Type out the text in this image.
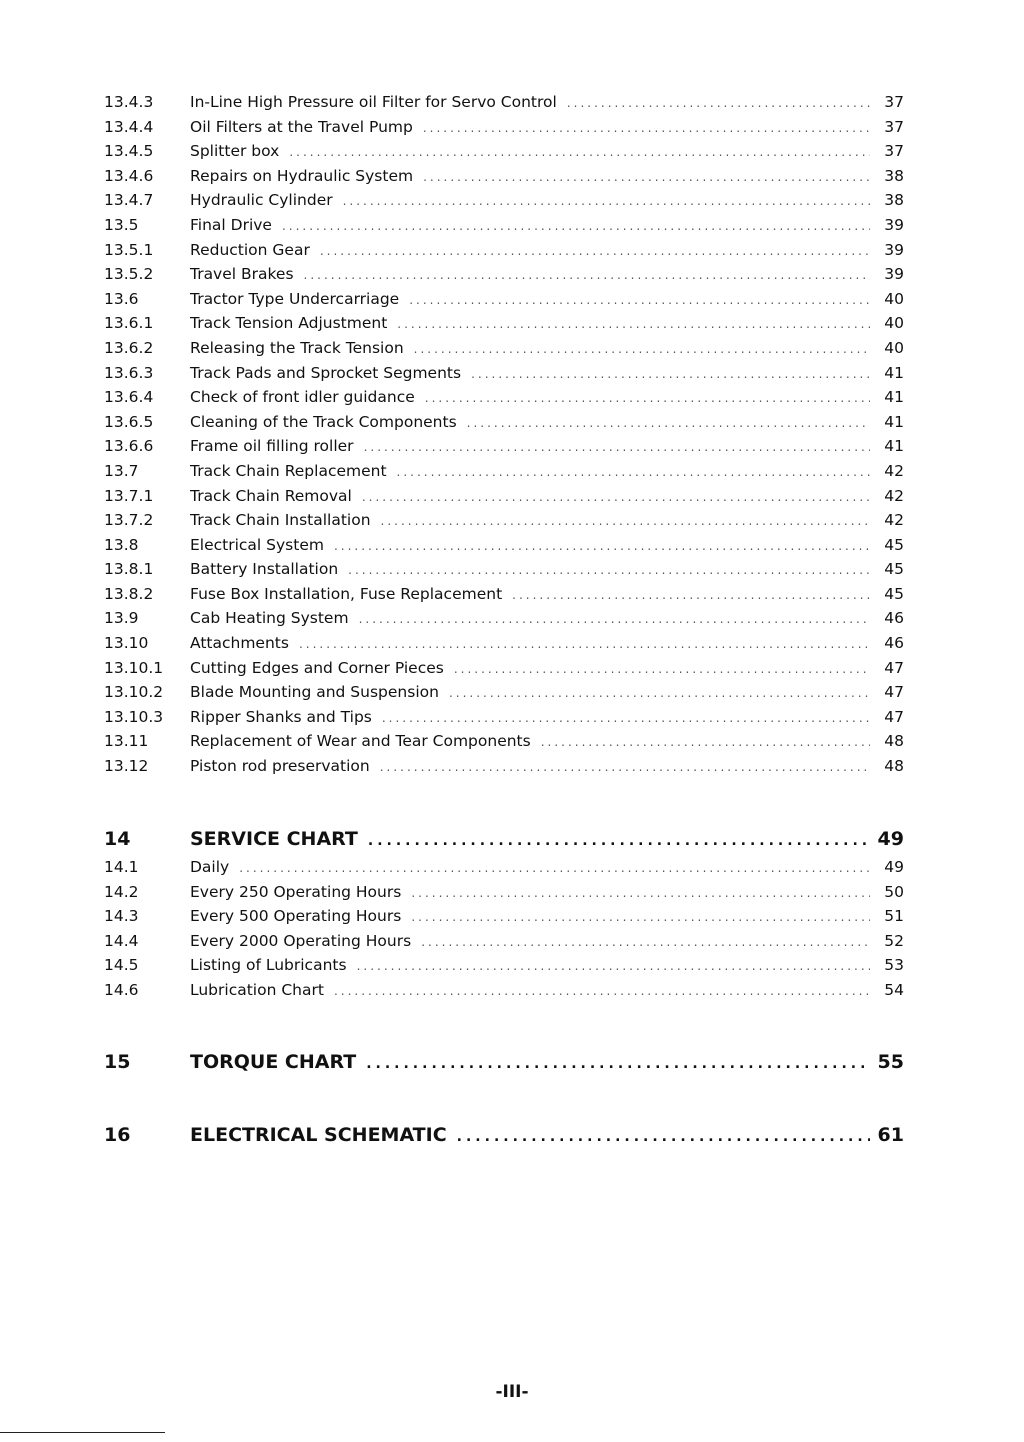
13.4.3	In-Line High Pressure oil Filter for Servo Control .....	37
13.4.4	Oil Filters at the Travel Pump .....	37
13.4.5	Splitter box .....	37
13.4.6	Repairs on Hydraulic System .....	38
13.4.7	Hydraulic Cylinder .....	38
13.5	Final Drive .....	39
13.5.1	Reduction Gear .....	39
13.5.2	Travel Brakes .....	39
13.6	Tractor Type Undercarriage .....	40
13.6.1	Track Tension Adjustment .....	40
13.6.2	Releasing the Track Tension .....	40
13.6.3	Track Pads and Sprocket Segments .....	41
13.6.4	Check of front idler guidance .....	41
13.6.5	Cleaning of the Track Components .....	41
13.6.6	Frame oil filling roller .....	41
13.7	Track Chain Replacement .....	42
13.7.1	Track Chain Removal .....	42
13.7.2	Track Chain Installation .....	42
13.8	Electrical System .....	45
13.8.1	Battery Installation .....	45
13.8.2	Fuse Box Installation, Fuse Replacement .....	45
13.9	Cab Heating System .....	46
13.10	Attachments .....	46
13.10.1	Cutting Edges and Corner Pieces .....	47
13.10.2	Blade Mounting and Suspension .....	47
13.10.3	Ripper Shanks and Tips .....	47
13.11	Replacement of Wear and Tear Components .....	48
13.12	Piston rod preservation .....	48
14	SERVICE CHART .....	49
14.1	Daily .....	49
14.2	Every 250 Operating Hours .....	50
14.3	Every 500 Operating Hours .....	51
14.4	Every 2000 Operating Hours .....	52
14.5	Listing of Lubricants .....	53
14.6	Lubrication Chart .....	54
15	TORQUE CHART .....	55
16	ELECTRICAL SCHEMATIC .....	61
-III-
